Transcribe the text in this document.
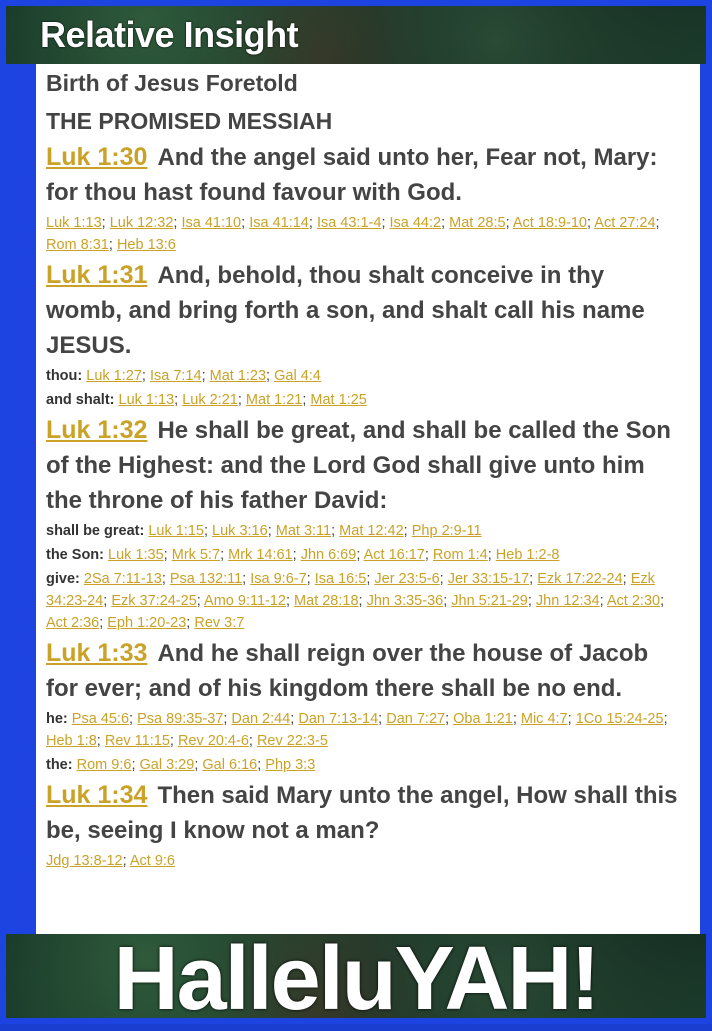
Relative Insight

Birth of Jesus Foretold

THE PROMISED MESSIAH

Luk 1:30 And the angel said unto her, Fear not, Mary: for thou hast found favour with God.

Luk 1:13; Luk 12:32; Isa 41:10; Isa 41:14; Isa 43:1-4; Isa 44:2; Mat 28:5; Act 18:9-10; Act 27:24; Rom 8:31; Heb 13:6

Luk 1:31 And, behold, thou shalt conceive in thy womb, and bring forth a son, and shalt call his name JESUS.

thou: Luk 1:27; Isa 7:14; Mat 1:23; Gal 4:4
and shalt: Luk 1:13; Luk 2:21; Mat 1:21; Mat 1:25

Luk 1:32 He shall be great, and shall be called the Son of the Highest: and the Lord God shall give unto him the throne of his father David:

shall be great: Luk 1:15; Luk 3:16; Mat 3:11; Mat 12:42; Php 2:9-11
the Son: Luk 1:35; Mrk 5:7; Mrk 14:61; Jhn 6:69; Act 16:17; Rom 1:4; Heb 1:2-8
give: 2Sa 7:11-13; Psa 132:11; Isa 9:6-7; Isa 16:5; Jer 23:5-6; Jer 33:15-17; Ezk 17:22-24; Ezk 34:23-24; Ezk 37:24-25; Amo 9:11-12; Mat 28:18; Jhn 3:35-36; Jhn 5:21-29; Jhn 12:34; Act 2:30; Act 2:36; Eph 1:20-23; Rev 3:7

Luk 1:33 And he shall reign over the house of Jacob for ever; and of his kingdom there shall be no end.

he: Psa 45:6; Psa 89:35-37; Dan 2:44; Dan 7:13-14; Dan 7:27; Oba 1:21; Mic 4:7; 1Co 15:24-25; Heb 1:8; Rev 11:15; Rev 20:4-6; Rev 22:3-5
the: Rom 9:6; Gal 3:29; Gal 6:16; Php 3:3

Luk 1:34 Then said Mary unto the angel, How shall this be, seeing I know not a man?

Jdg 13:8-12; Act 9:6
HalleluYAH!
